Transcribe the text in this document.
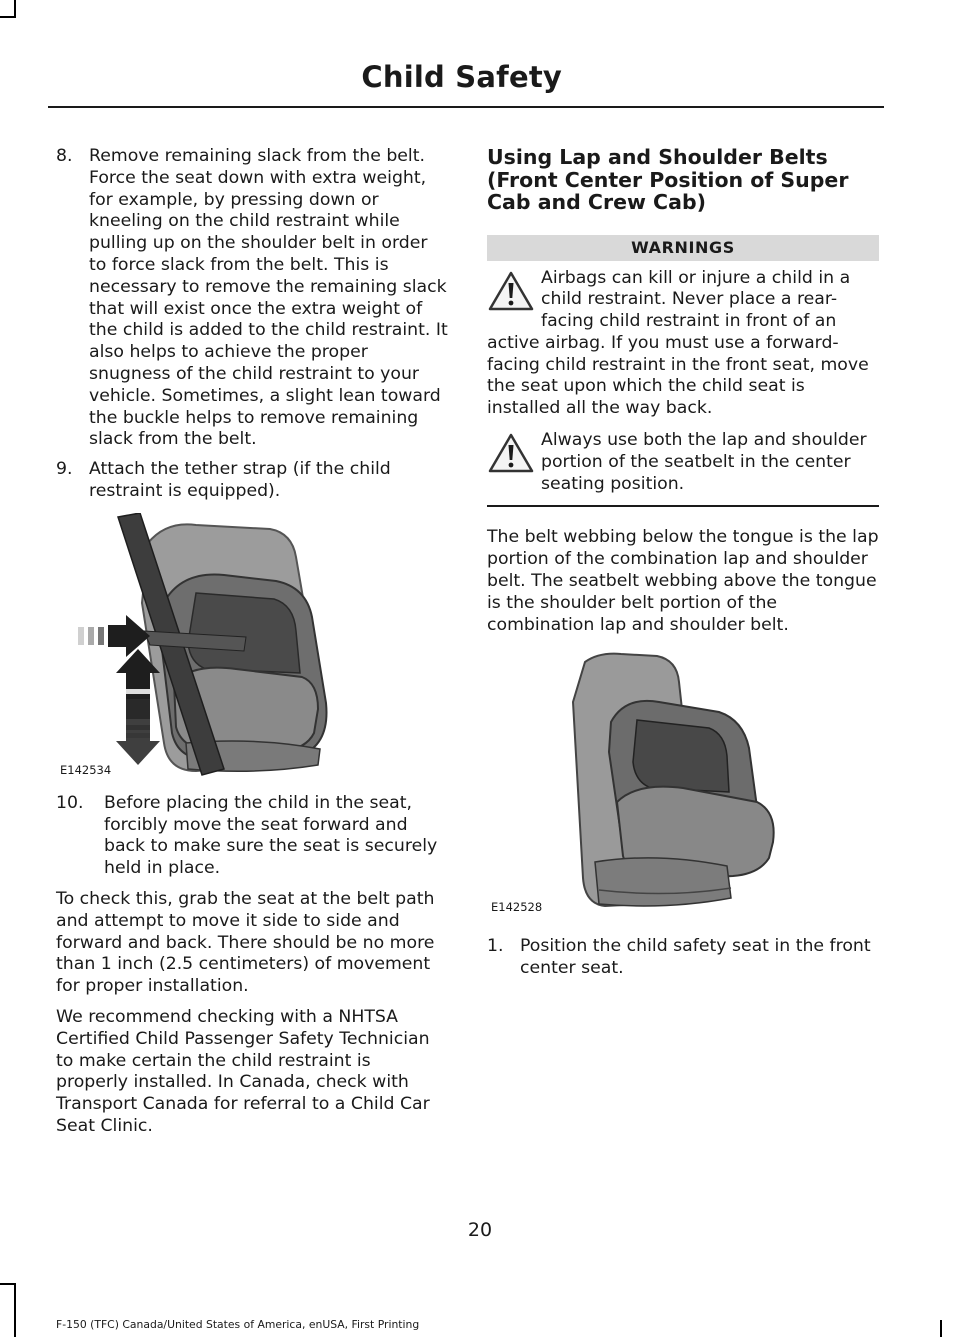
Child Safety
8. Remove remaining slack from the belt. Force the seat down with extra weight, for example, by pressing down or kneeling on the child restraint while pulling up on the shoulder belt in order to force slack from the belt. This is necessary to remove the remaining slack that will exist once the extra weight of the child is added to the child restraint. It also helps to achieve the proper snugness of the child restraint to your vehicle. Sometimes, a slight lean toward the buckle helps to remove remaining slack from the belt.
9. Attach the tether strap (if the child restraint is equipped).
E142534
10.	Before placing the child in the seat, forcibly move the seat forward and back to make sure the seat is securely held in place.

To check this, grab the seat at the belt path and attempt to move it side to side and forward and back. There should be no more than 1 inch (2.5 centimeters) of movement for proper installation.

We recommend checking with a NHTSA Certified Child Passenger Safety Technician to make certain the child restraint is properly installed. In Canada, check with Transport Canada for referral to a Child Car Seat Clinic.

Using Lap and Shoulder Belts (Front Center Position of Super Cab and Crew Cab)
WARNINGS
Airbags can kill or injure a child in a child restraint. Never place a rear-facing child restraint in front of an active airbag. If you must use a forward-facing child restraint in the front seat, move the seat upon which the child seat is installed all the way back.
Always use both the lap and shoulder portion of the seatbelt in the center seating position.

The belt webbing below the tongue is the lap portion of the combination lap and shoulder belt. The seatbelt webbing above the tongue is the shoulder belt portion of the combination lap and shoulder belt.

E142528
1. Position the child safety seat in the front center seat.
20
F-150 (TFC) Canada/United States of America, enUSA, First Printing
